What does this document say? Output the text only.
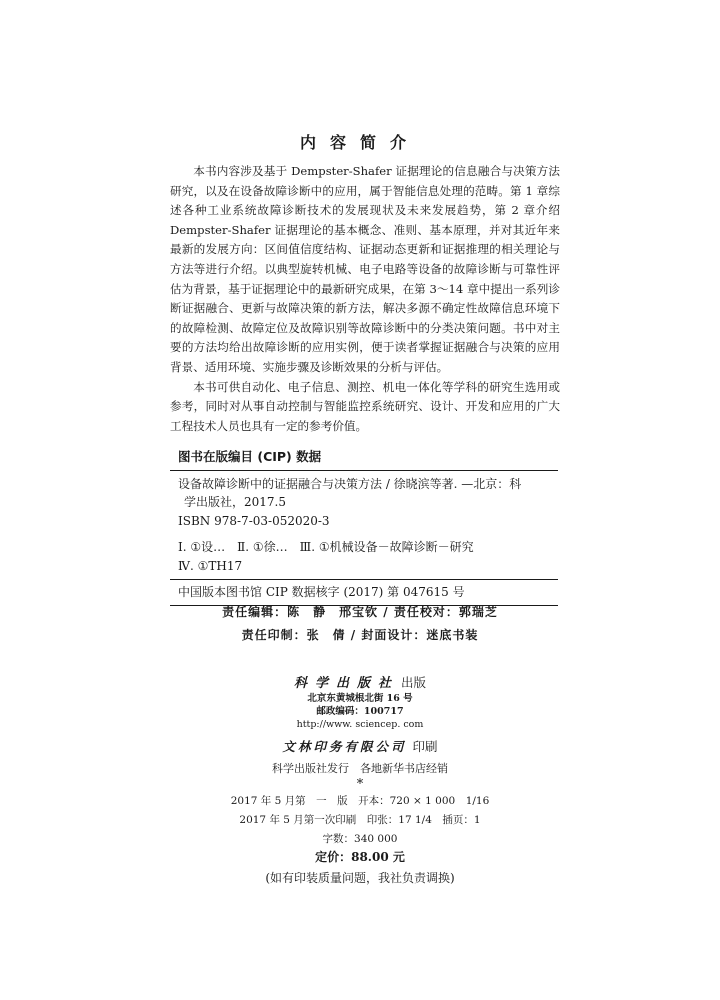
内容简介

本书内容涉及基于 Dempster-Shafer 证据理论的信息融合与决策方法研究，以及在设备故障诊断中的应用，属于智能信息处理的范畴。第 1 章综述各种工业系统故障诊断技术的发展现状及未来发展趋势，第 2 章介绍 Dempster-Shafer 证据理论的基本概念、准则、基本原理，并对其近年来最新的发展方向：区间值信度结构、证据动态更新和证据推理的相关理论与方法等进行介绍。以典型旋转机械、电子电路等设备的故障诊断与可靠性评估为背景，基于证据理论中的最新研究成果，在第 3～14 章中提出一系列诊断证据融合、更新与故障决策的新方法，解决多源不确定性故障信息环境下的故障检测、故障定位及故障识别等故障诊断中的分类决策问题。书中对主要的方法均给出故障诊断的应用实例，便于读者掌握证据融合与决策的应用背景、适用环境、实施步骤及诊断效果的分析与评估。

本书可供自动化、电子信息、测控、机电一体化等学科的研究生选用或参考，同时对从事自动控制与智能监控系统研究、设计、开发和应用的广大工程技术人员也具有一定的参考价值。

图书在版编目 (CIP) 数据
设备故障诊断中的证据融合与决策方法 / 徐晓滨等著. —北京：科
学出版社，2017.5
ISBN 978-7-03-052020-3
Ⅰ. ①设…　Ⅱ. ①徐…　Ⅲ. ①机械设备－故障诊断－研究
Ⅳ. ①TH17
中国版本图书馆 CIP 数据核字 (2017) 第 047615 号
责任编辑：陈　静　邢宝钦 / 责任校对：郭瑞芝
责任印制：张　倩 / 封面设计：迷底书装
科学出版社 出版
北京东黄城根北街 16 号
邮政编码：100717
http://www. sciencep. com
文林印务有限公司 印刷
科学出版社发行　各地新华书店经销
*
2017 年 5 月第　一　版　开本：720 × 1 000　1/16
2017 年 5 月第一次印刷　印张：17 1/4　插页：1
字数：340 000
定价：88.00 元
(如有印装质量问题，我社负责调换)
